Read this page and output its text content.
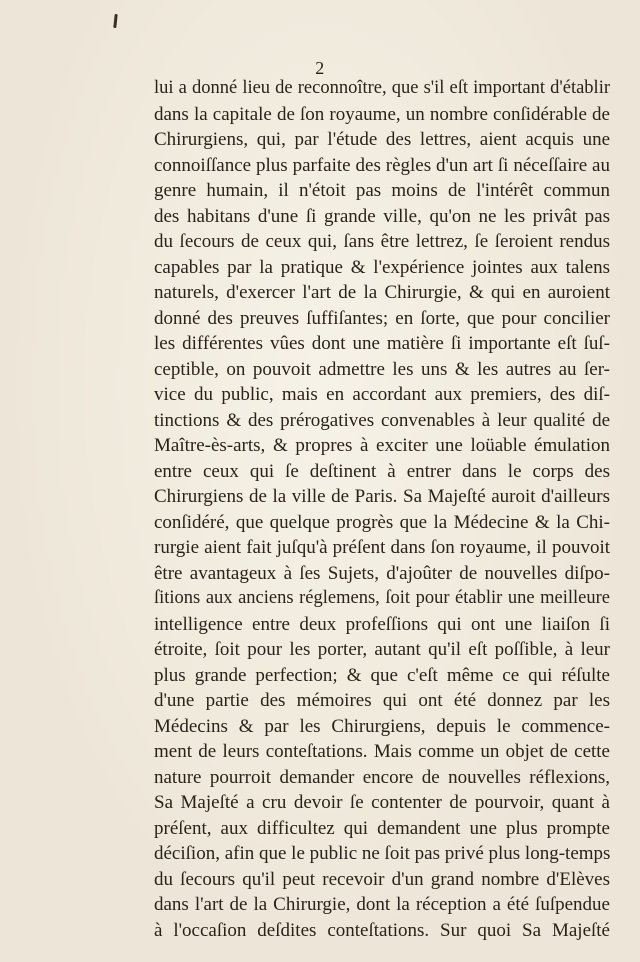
2
lui a donné lieu de reconnoître, que s'il eſt important d'établir
dans la capitale de ſon royaume, un nombre conſidérable de
Chirurgiens, qui, par l'étude des lettres, aient acquis une
connoiſſance plus parfaite des règles d'un art ſi néceſſaire au
genre humain, il n'étoit pas moins de l'intérêt commun
des habitans d'une ſi grande ville, qu'on ne les privât pas
du ſecours de ceux qui, ſans être lettrez, ſe ſeroient rendus
capables par la pratique & l'expérience jointes aux talens
naturels, d'exercer l'art de la Chirurgie, & qui en auroient
donné des preuves ſuffiſantes; en ſorte, que pour concilier
les différentes vûes dont une matière ſi importante eſt ſuſ-
ceptible, on pouvoit admettre les uns & les autres au ſer-
vice du public, mais en accordant aux premiers, des diſ-
tinctions & des prérogatives convenables à leur qualité de
Maître-ès-arts, & propres à exciter une loüable émulation
entre ceux qui ſe deſtinent à entrer dans le corps des
Chirurgiens de la ville de Paris. Sa Majeſté auroit d'ailleurs
conſidéré, que quelque progrès que la Médecine & la Chi-
rurgie aient fait juſqu'à préſent dans ſon royaume, il pouvoit
être avantageux à ſes Sujets, d'ajoûter de nouvelles diſpo-
ſitions aux anciens réglemens, ſoit pour établir une meilleure
intelligence entre deux profeſſions qui ont une liaiſon ſi
étroite, ſoit pour les porter, autant qu'il eſt poſſible, à leur
plus grande perfection; & que c'eſt même ce qui réſulte
d'une partie des mémoires qui ont été donnez par les
Médecins & par les Chirurgiens, depuis le commence-
ment de leurs conteſtations. Mais comme un objet de cette
nature pourroit demander encore de nouvelles réflexions,
Sa Majeſté a cru devoir ſe contenter de pourvoir, quant à
préſent, aux difficultez qui demandent une plus prompte
déciſion, afin que le public ne ſoit pas privé plus long-temps
du ſecours qu'il peut recevoir d'un grand nombre d'Elèves
dans l'art de la Chirurgie, dont la réception a été ſuſpendue
à l'occaſion deſdites conteſtations. Sur quoi Sa Majeſté
